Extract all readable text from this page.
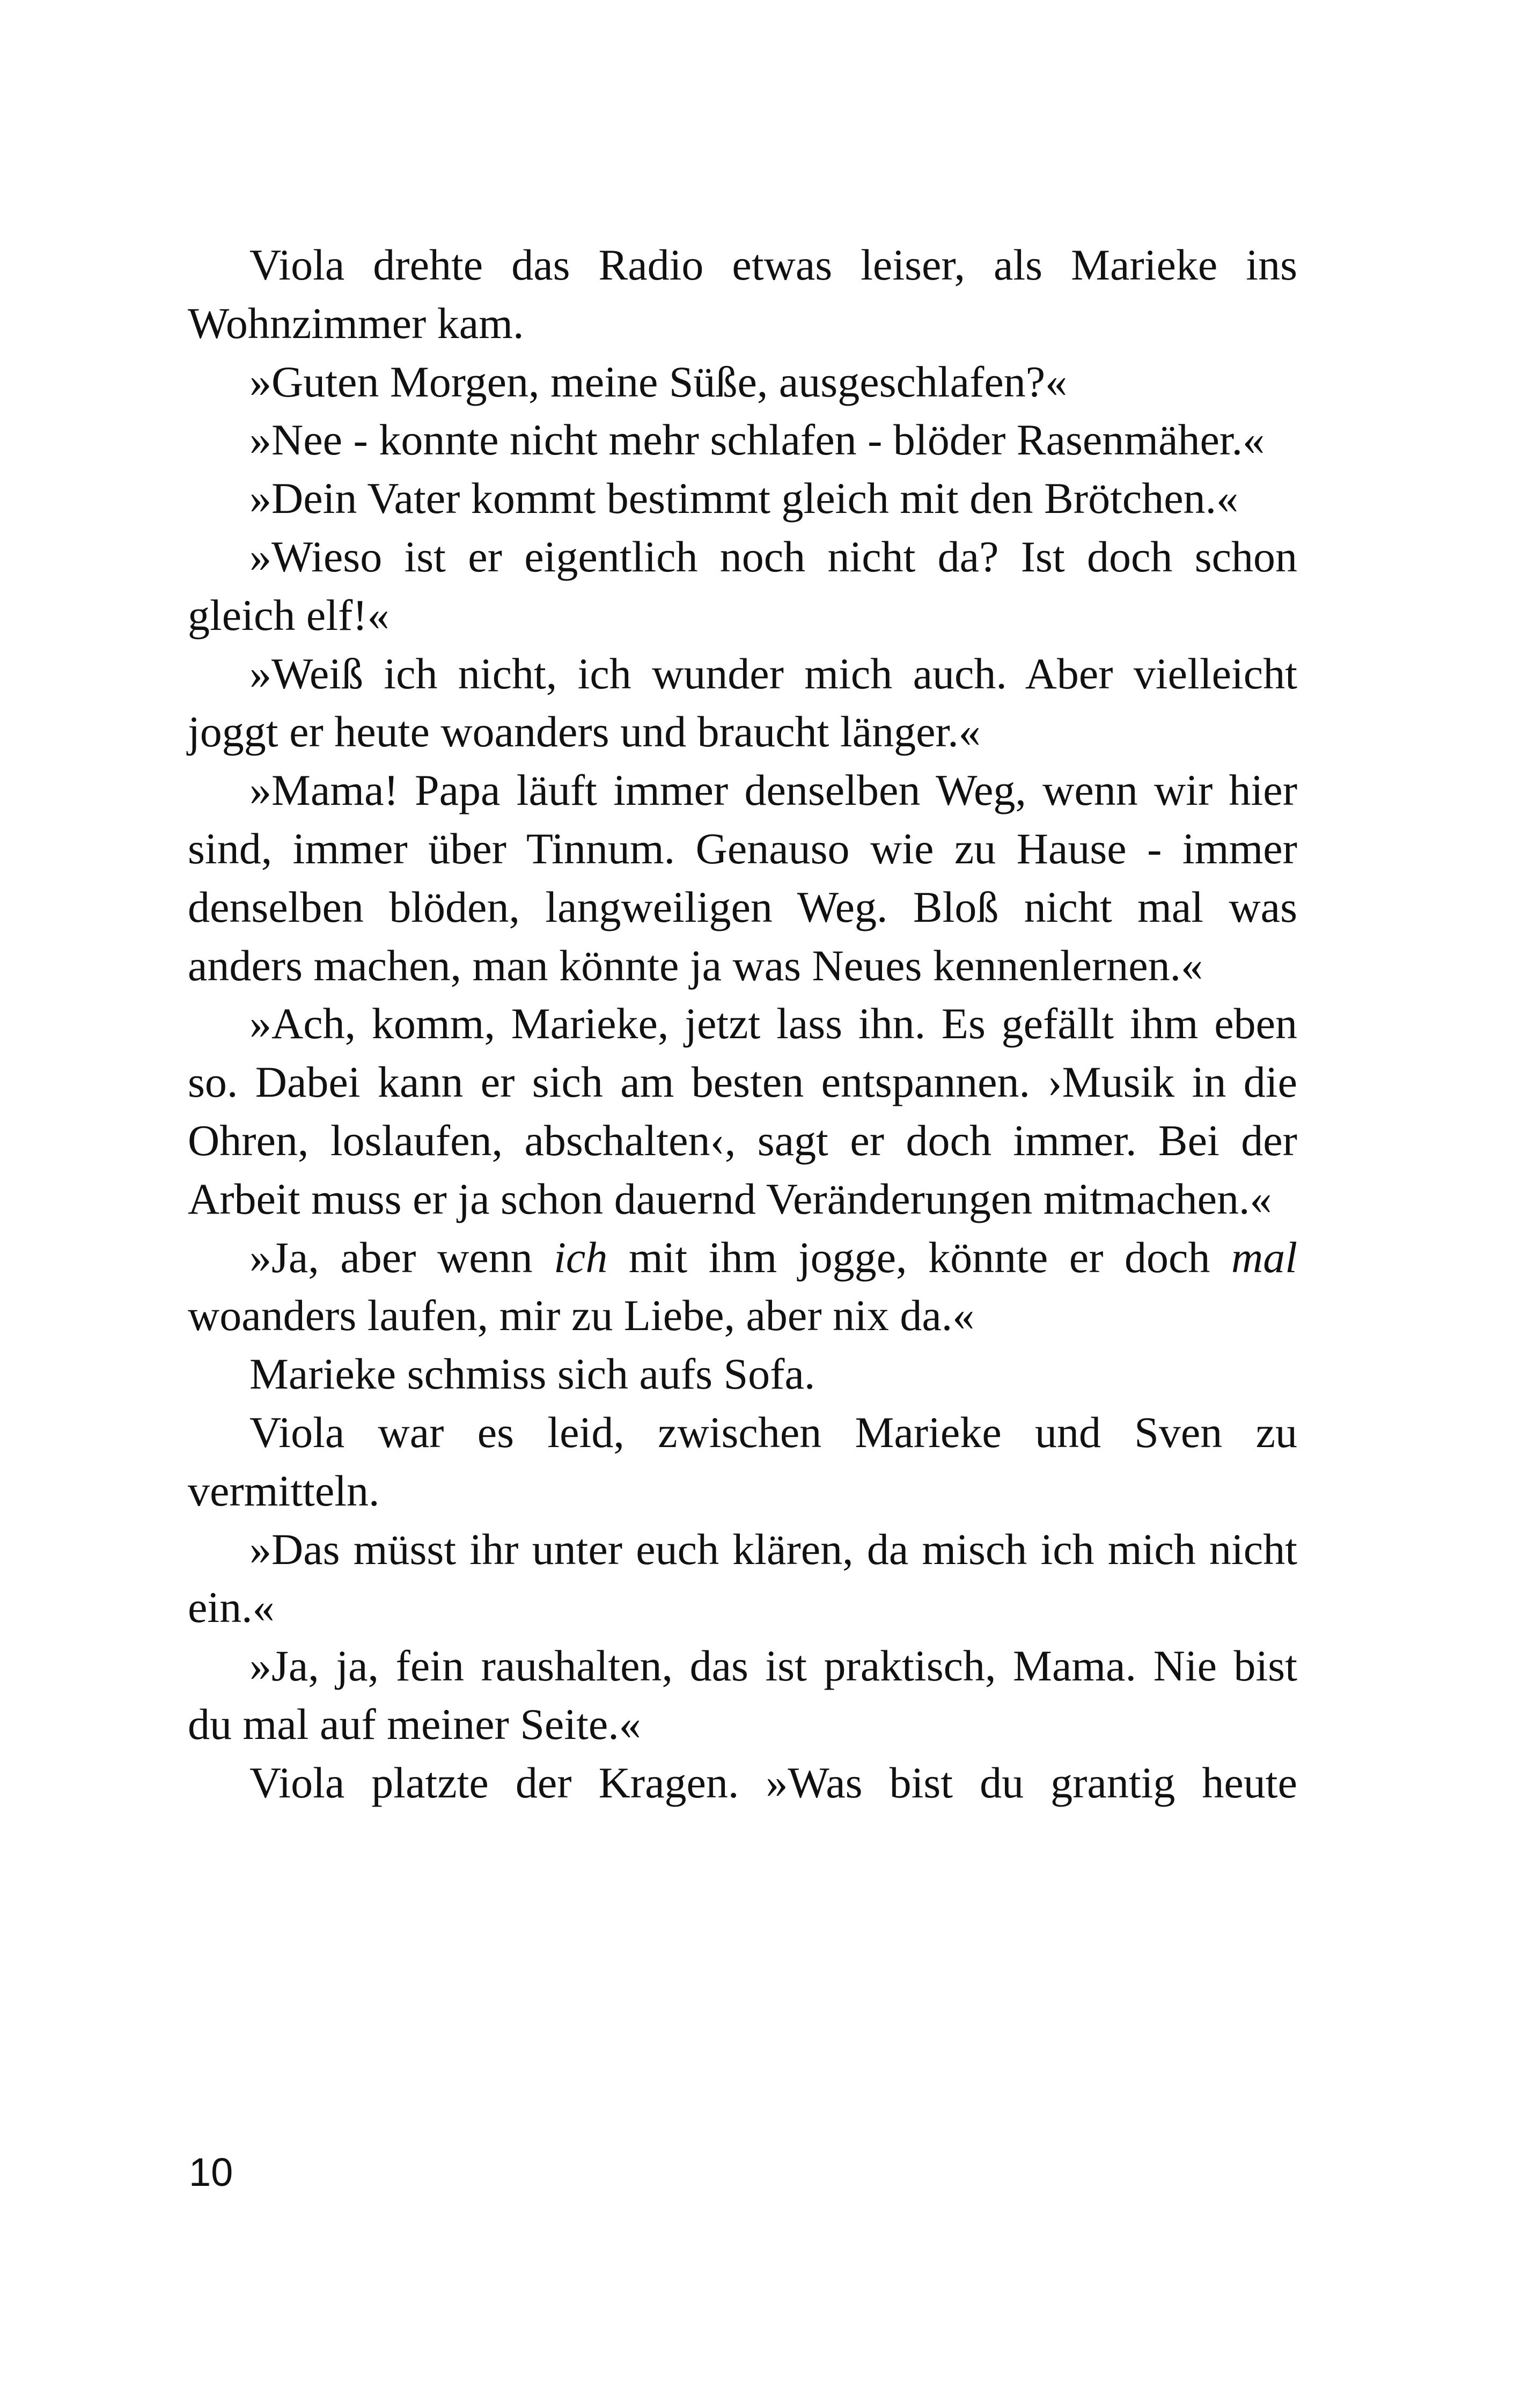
Viola drehte das Radio etwas leiser, als Marieke ins Wohnzimmer kam.

»Guten Morgen, meine Süße, ausgeschlafen?«

»Nee - konnte nicht mehr schlafen - blöder Rasenmäher.«

»Dein Vater kommt bestimmt gleich mit den Brötchen.«

»Wieso ist er eigentlich noch nicht da? Ist doch schon gleich elf!«

»Weiß ich nicht, ich wunder mich auch. Aber vielleicht joggt er heute woanders und braucht länger.«

»Mama! Papa läuft immer denselben Weg, wenn wir hier sind, immer über Tinnum. Genauso wie zu Hause - immer denselben blöden, langweiligen Weg. Bloß nicht mal was anders machen, man könnte ja was Neues kennenlernen.«

»Ach, komm, Marieke, jetzt lass ihn. Es gefällt ihm eben so. Dabei kann er sich am besten entspannen. ›Musik in die Ohren, loslaufen, abschalten‹, sagt er doch immer. Bei der Arbeit muss er ja schon dauernd Veränderungen mitmachen.«

»Ja, aber wenn ich mit ihm jogge, könnte er doch mal woanders laufen, mir zu Liebe, aber nix da.«

Marieke schmiss sich aufs Sofa.

Viola war es leid, zwischen Marieke und Sven zu vermitteln.

»Das müsst ihr unter euch klären, da misch ich mich nicht ein.«

»Ja, ja, fein raushalten, das ist praktisch, Mama. Nie bist du mal auf meiner Seite.«

Viola platzte der Kragen. »Was bist du grantig heute

10
